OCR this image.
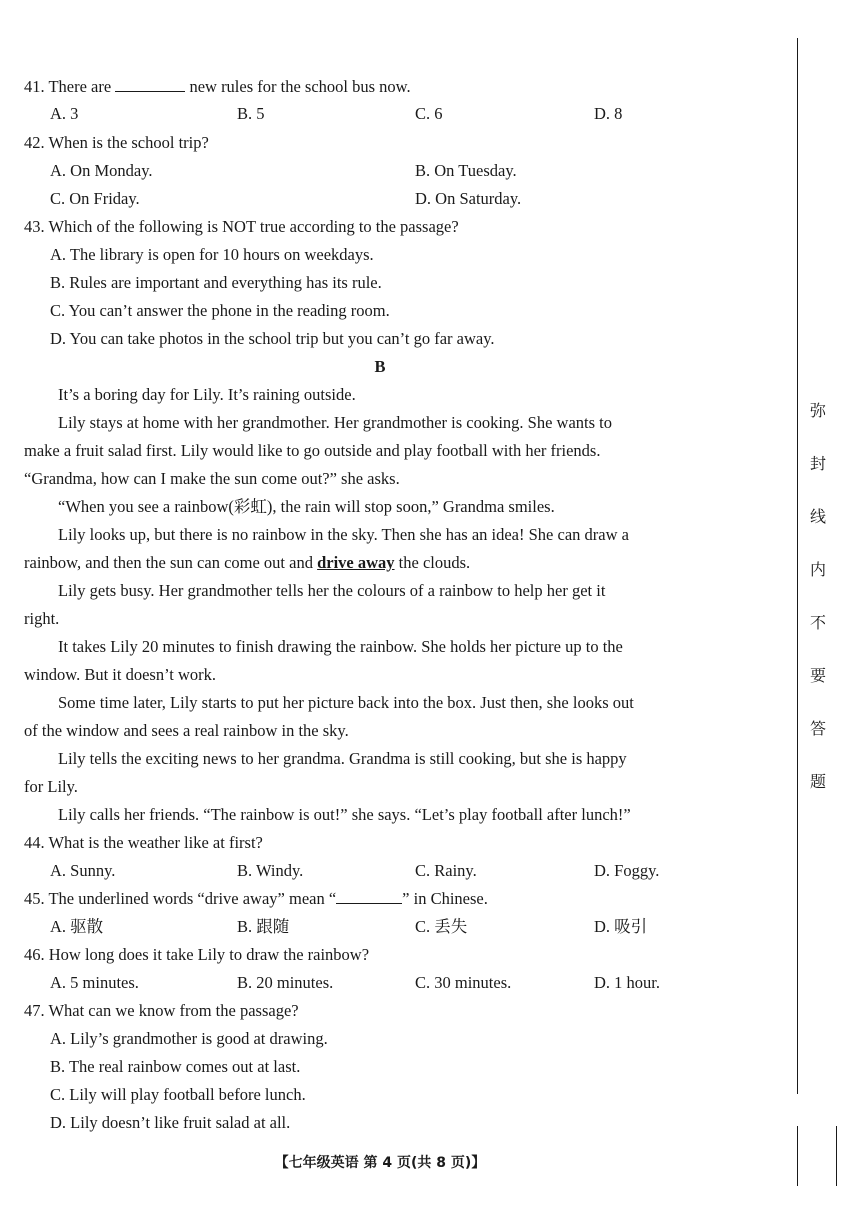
41. There are	new rules for the school bus now.
A. 3	B. 5	C. 6	D. 8
42. When is the school trip?
A. On Monday.	B. On Tuesday.
C. On Friday.	D. On Saturday.
43. Which of the following is NOT true according to the passage?
A. The library is open for 10 hours on weekdays.
B. Rules are important and everything has its rule.
C. You can’t answer the phone in the reading room.
D. You can take photos in the school trip but you can’t go far away.
B
It’s a boring day for Lily. It’s raining outside.
Lily stays at home with her grandmother. Her grandmother is cooking. She wants to
make a fruit salad first. Lily would like to go outside and play football with her friends.
“Grandma, how can I make the sun come out?” she asks.
“When you see a rainbow(彩虹), the rain will stop soon,” Grandma smiles.
Lily looks up, but there is no rainbow in the sky. Then she has an idea! She can draw a
rainbow, and then the sun can come out and drive away the clouds.
Lily gets busy. Her grandmother tells her the colours of a rainbow to help her get it
right.
It takes Lily 20 minutes to finish drawing the rainbow. She holds her picture up to the
window. But it doesn’t work.
Some time later, Lily starts to put her picture back into the box. Just then, she looks out
of the window and sees a real rainbow in the sky.
Lily tells the exciting news to her grandma. Grandma is still cooking, but she is happy
for Lily.
Lily calls her friends. “The rainbow is out!” she says. “Let’s play football after lunch!”
44. What is the weather like at first?
A. Sunny.	B. Windy.	C. Rainy.	D. Foggy.
45. The underlined words “drive away” mean “	” in Chinese.
A. 驱散	B. 跟随	C. 丢失	D. 吸引
46. How long does it take Lily to draw the rainbow?
A. 5 minutes.	B. 20 minutes.	C. 30 minutes.	D. 1 hour.
47. What can we know from the passage?
A. Lily’s grandmother is good at drawing.
B. The real rainbow comes out at last.
C. Lily will play football before lunch.
D. Lily doesn’t like fruit salad at all.
弥
封
线
内
不
要
答
题
【七年级英语 第 4 页(共 8 页)】
